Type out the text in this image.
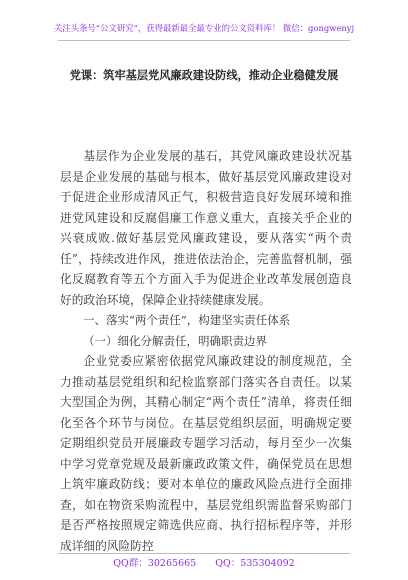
关注头条号“公文研究”，获得最新最全最专业的公文资料库！ 微信：gongwenyj
党课：筑牢基层党风廉政建设防线，推动企业稳健发展

基层作为企业发展的基石，其党风廉政建设状况基层是企业发展的基础与根本，做好基层党风廉政建设对于促进企业形成清风正气，积极营造良好发展环境和推进党风建设和反腐倡廉工作意义重大，直接关乎企业的兴衰成败.做好基层党风廉政建设，要从落实“两个责任”，持续改进作风，推进依法治企，完善监督机制，强化反腐教育等五个方面入手为促进企业改革发展创造良好的政治环境，保障企业持续健康发展。

一、落实“两个责任”，构建坚实责任体系

（一）细化分解责任，明确职责边界

企业党委应紧密依据党风廉政建设的制度规范，全力推动基层党组织和纪检监察部门落实各自责任。以某大型国企为例，其精心制定“两个责任”清单，将责任细化至各个环节与岗位。在基层党组织层面，明确规定要定期组织党员开展廉政专题学习活动，每月至少一次集中学习党章党规及最新廉政政策文件，确保党员在思想上筑牢廉政防线；要对本单位的廉政风险点进行全面排查，如在物资采购流程中，基层党组织需监督采购部门是否严格按照规定筛选供应商、执行招标程序等，并形成详细的风险防控

QQ群：30265665 QQ：535304092
